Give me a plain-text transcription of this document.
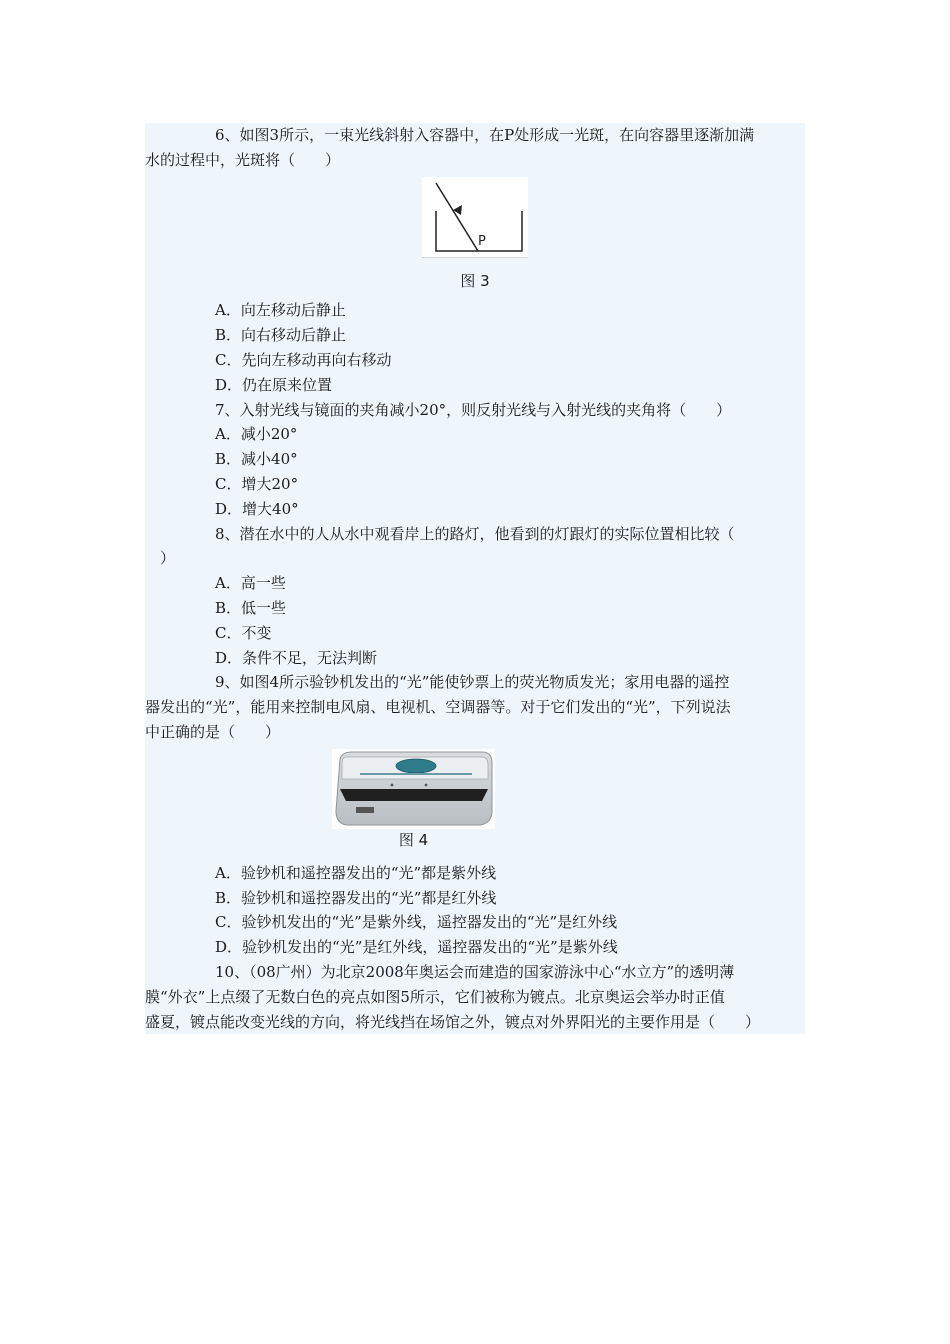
6、如图3所示，一束光线斜射入容器中，在P处形成一光斑，在向容器里逐渐加满
水的过程中，光斑将（　　）
P
图 3
A．向左移动后静止
B．向右移动后静止
C．先向左移动再向右移动
D．仍在原来位置
7、入射光线与镜面的夹角减小20°，则反射光线与入射光线的夹角将（　　）
A．减小20°
B．减小40°
C．增大20°
D．增大40°
8、潜在水中的人从水中观看岸上的路灯，他看到的灯跟灯的实际位置相比较（
）
A．高一些
B．低一些
C．不变
D．条件不足，无法判断
9、如图4所示验钞机发出的“光”能使钞票上的荧光物质发光；家用电器的遥控
器发出的“光”，能用来控制电风扇、电视机、空调器等。对于它们发出的“光”，下列说法
中正确的是（　　）
图 4
A．验钞机和遥控器发出的“光”都是紫外线
B．验钞机和遥控器发出的“光”都是红外线
C．验钞机发出的“光”是紫外线，遥控器发出的“光”是红外线
D．验钞机发出的“光”是红外线，遥控器发出的“光”是紫外线
10、（08广州）为北京2008年奥运会而建造的国家游泳中心“水立方”的透明薄
膜“外衣”上点缀了无数白色的亮点如图5所示，它们被称为镀点。北京奥运会举办时正值
盛夏，镀点能改变光线的方向，将光线挡在场馆之外，镀点对外界阳光的主要作用是（　　）
